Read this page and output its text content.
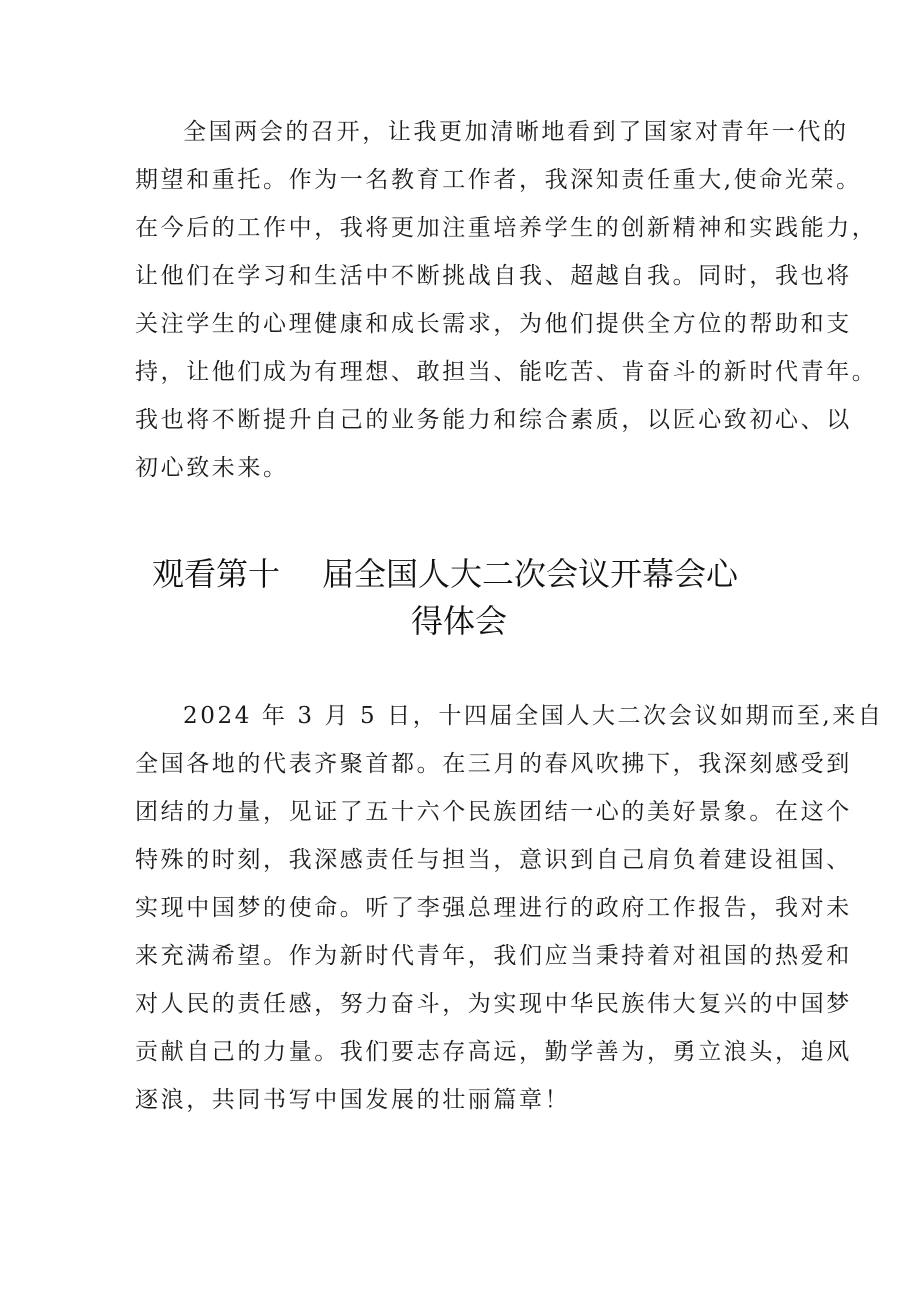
全国两会的召开，让我更加清晰地看到了国家对青年一代的
期望和重托。作为一名教育工作者，我深知责任重大,使命光荣。
在今后的工作中，我将更加注重培养学生的创新精神和实践能力，
让他们在学习和生活中不断挑战自我、超越自我。同时，我也将
关注学生的心理健康和成长需求，为他们提供全方位的帮助和支
持，让他们成为有理想、敢担当、能吃苦、肯奋斗的新时代青年。
我也将不断提升自己的业务能力和综合素质，以匠心致初心、以
初心致未来。
观看第十 届全国人大二次会议开幕会心
得体会
2024 年 3 月 5 日，十四届全国人大二次会议如期而至,来自
全国各地的代表齐聚首都。在三月的春风吹拂下，我深刻感受到
团结的力量，见证了五十六个民族团结一心的美好景象。在这个
特殊的时刻，我深感责任与担当，意识到自己肩负着建设祖国、
实现中国梦的使命。听了李强总理进行的政府工作报告，我对未
来充满希望。作为新时代青年，我们应当秉持着对祖国的热爱和
对人民的责任感，努力奋斗，为实现中华民族伟大复兴的中国梦
贡献自己的力量。我们要志存高远，勤学善为，勇立浪头，追风
逐浪，共同书写中国发展的壮丽篇章！
